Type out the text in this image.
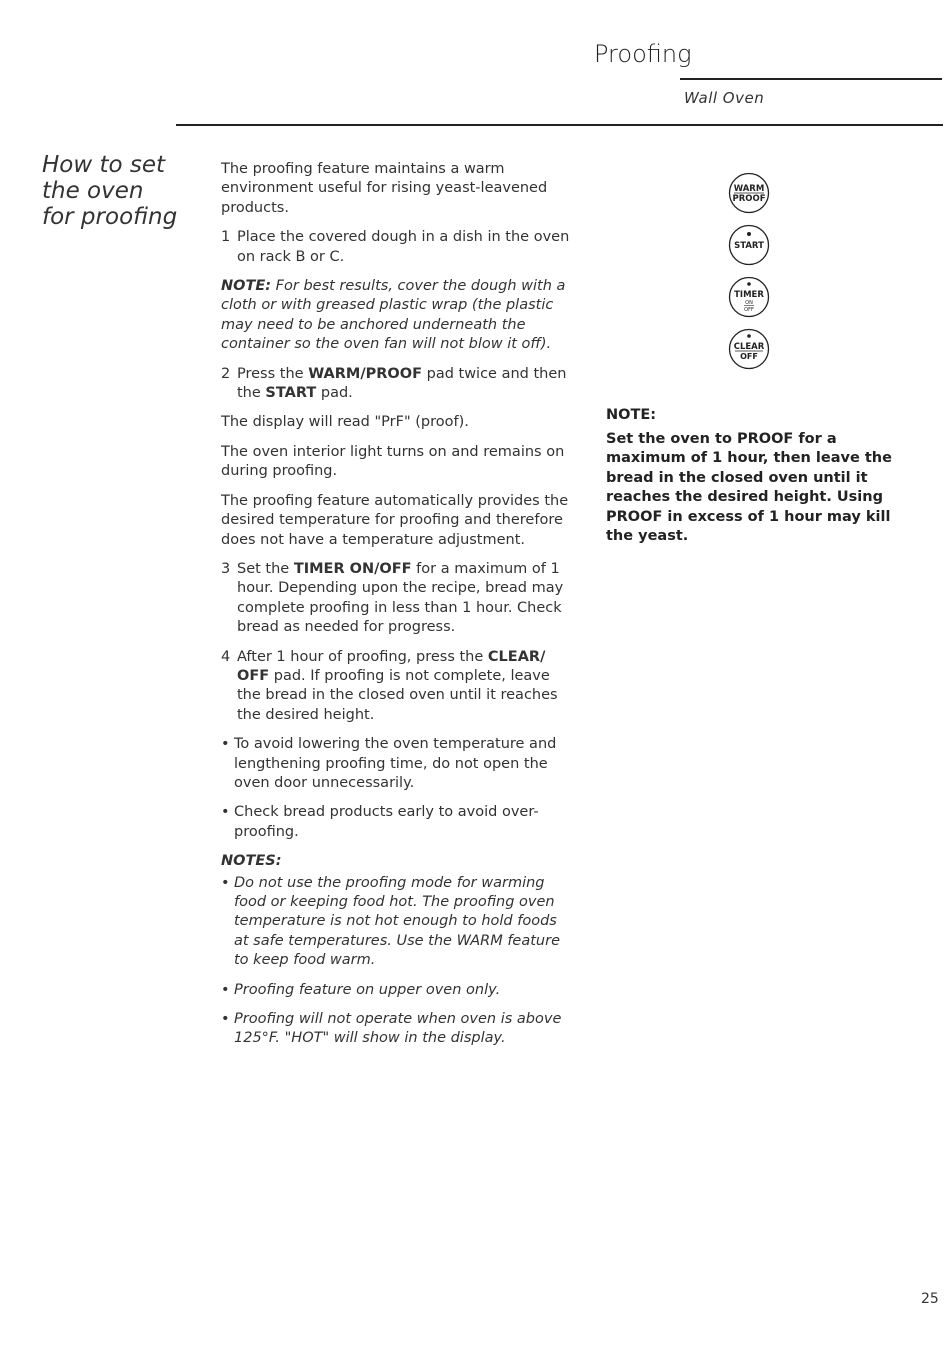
Proofing
Wall Oven
How to set the oven for proofing

The proofing feature maintains a warm environment useful for rising yeast-leavened products.

1 Place the covered dough in a dish in the oven on rack B or C.
NOTE: For best results, cover the dough with a cloth or with greased plastic wrap (the plastic may need to be anchored underneath the container so the oven fan will not blow it off).
2 Press the WARM/PROOF pad twice and then the START pad.

The display will read "PrF" (proof).

The oven interior light turns on and remains on during proofing.

The proofing feature automatically provides the desired temperature for proofing and therefore does not have a temperature adjustment.

3 Set the TIMER ON/OFF for a maximum of 1 hour. Depending upon the recipe, bread may complete proofing in less than 1 hour. Check bread as needed for progress.
4 After 1 hour of proofing, press the CLEAR/ OFF pad. If proofing is not complete, leave the bread in the closed oven until it reaches the desired height.
• To avoid lowering the oven temperature and lengthening proofing time, do not open the oven door unnecessarily.
• Check bread products early to avoid over-proofing.
NOTES:
• Do not use the proofing mode for warming food or keeping food hot. The proofing oven temperature is not hot enough to hold foods at safe temperatures. Use the WARM feature to keep food warm.
• Proofing feature on upper oven only.
• Proofing will not operate when oven is above 125°F. "HOT" will show in the display.
WARM
PROOF
START
TIMER
ON
OFF
CLEAR
OFF
NOTE:
Set the oven to PROOF for a maximum of 1 hour, then leave the bread in the closed oven until it reaches the desired height. Using PROOF in excess of 1 hour may kill the yeast.
25
